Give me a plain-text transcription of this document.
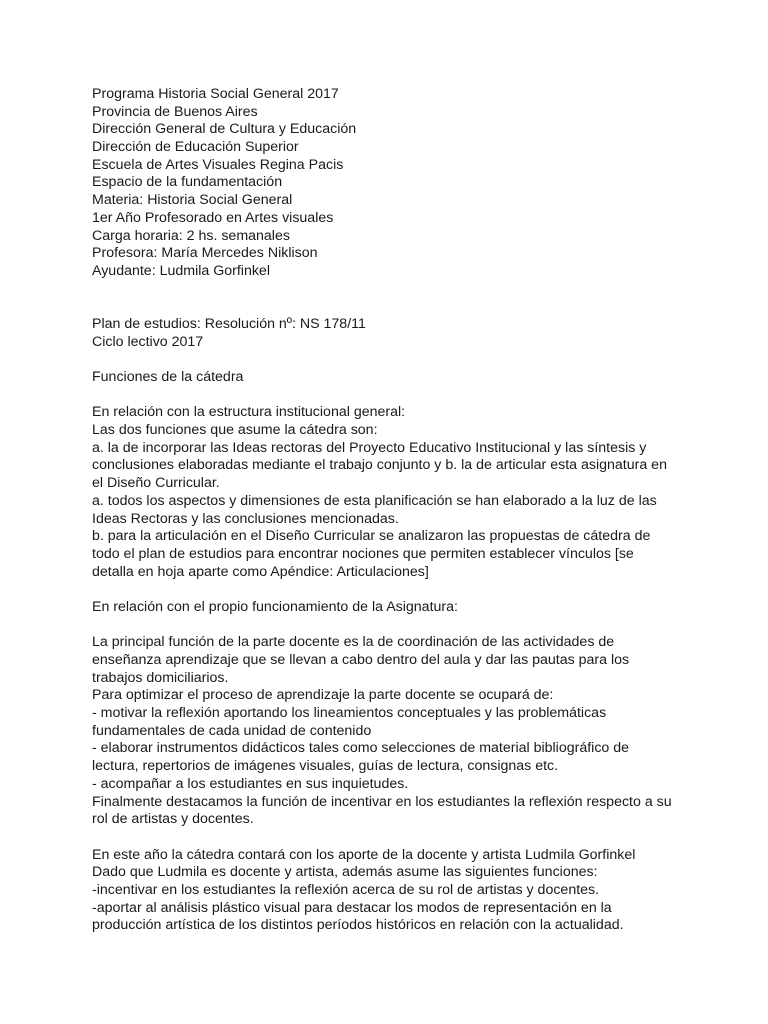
Programa Historia Social General 2017
Provincia de Buenos Aires
Dirección General de Cultura y Educación
Dirección de Educación Superior
Escuela de Artes Visuales Regina Pacis
Espacio de la fundamentación
Materia: Historia Social General
1er Año Profesorado en Artes visuales
Carga horaria: 2 hs. semanales
Profesora: María Mercedes Niklison
Ayudante: Ludmila Gorfinkel
Plan de estudios: Resolución nº: NS 178/11
Ciclo lectivo 2017
Funciones de la cátedra
En relación con la estructura institucional general:
Las dos funciones que asume la cátedra son:
a. la de incorporar las Ideas rectoras del Proyecto Educativo Institucional y las síntesis y
conclusiones elaboradas mediante el trabajo conjunto y b. la de articular esta asignatura en
el Diseño Curricular.
a. todos los aspectos y dimensiones de esta planificación se han elaborado a la luz de las
Ideas Rectoras y las conclusiones mencionadas.
b. para la articulación en el Diseño Curricular se analizaron las propuestas de cátedra de
todo el plan de estudios para encontrar nociones que permiten establecer vínculos [se
detalla en hoja aparte como Apéndice: Articulaciones]
En relación con el propio funcionamiento de la Asignatura:
La principal función de la parte docente es la de coordinación de las actividades de
enseñanza aprendizaje que se llevan a cabo dentro del aula y dar las pautas para los
trabajos domiciliarios.
Para optimizar el proceso de aprendizaje la parte docente se ocupará de:
- motivar la reflexión aportando los lineamientos conceptuales y las problemáticas
fundamentales de cada unidad de contenido
- elaborar instrumentos didácticos tales como selecciones de material bibliográfico de
lectura, repertorios de imágenes visuales, guías de lectura, consignas etc.
- acompañar a los estudiantes en sus inquietudes.
Finalmente destacamos la función de incentivar en los estudiantes la reflexión respecto a su
rol de artistas y docentes.
En este año la cátedra contará con los aporte de la docente y artista Ludmila Gorfinkel
Dado que Ludmila es docente y artista, además asume las siguientes funciones:
-incentivar en los estudiantes la reflexión acerca de su rol de artistas y docentes.
-aportar al análisis plástico visual para destacar los modos de representación en la
producción artística de los distintos períodos históricos en relación con la actualidad.
